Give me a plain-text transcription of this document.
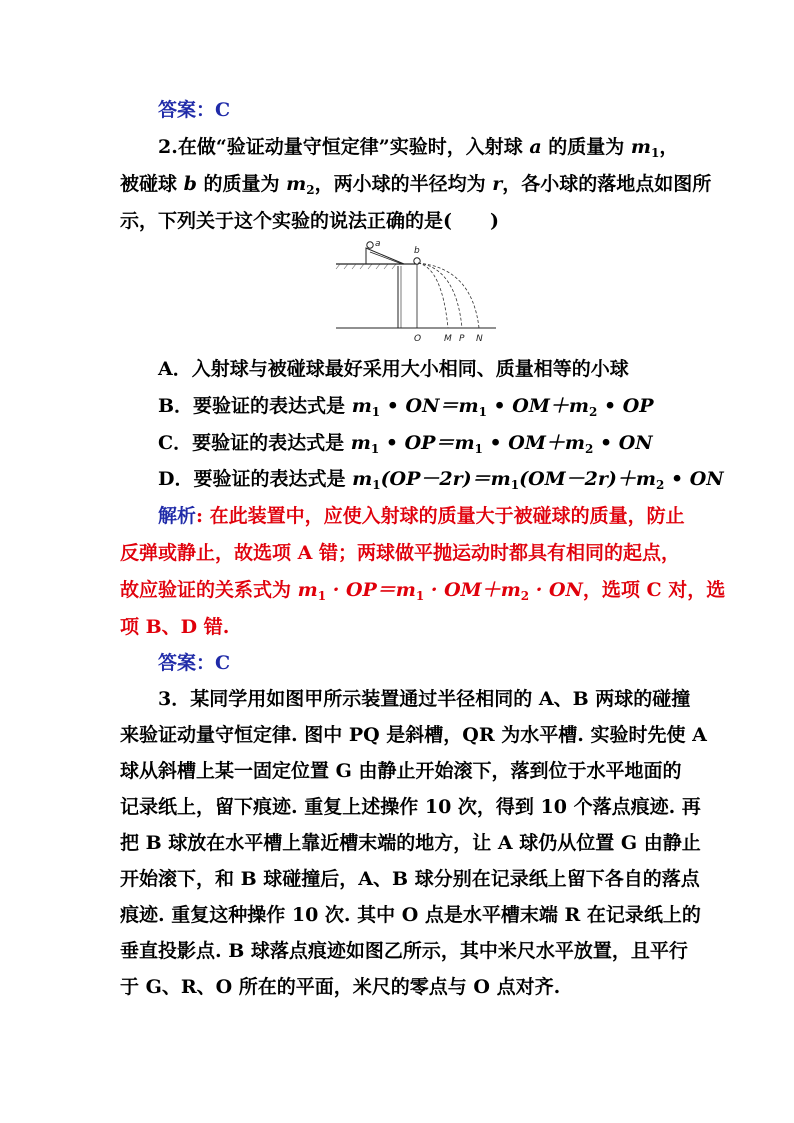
答案：C
2.在做“验证动量守恒定律”实验时，入射球 a 的质量为 $m_1$，
被碰球 b 的质量为 $m_2$，两小球的半径均为 r，各小球的落地点如图所
示，下列关于这个实验的说法正确的是(　　)
a
b
O	M P N
A．入射球与被碰球最好采用大小相同、质量相等的小球
B．要验证的表达式是 $m_1$ • $ON=m_1$ • $OM+m_2$ • OP
C．要验证的表达式是 $m_1$ • $OP=m_1$ • $OM+m_2$ • ON
D．要验证的表达式是 $m_1(OP-2r)=m_1(OM-2r)+m_2$ • ON
解析: 在此装置中，应使入射球的质量大于被碰球的质量，防止
反弹或静止，故选项 A 错；两球做平抛运动时都具有相同的起点，
故应验证的关系式为 $m_1 \cdot OP=m_1 \cdot OM+m_2$ · ON，选项 C 对，选
项 B、D 错.
答案：C
3．某同学用如图甲所示装置通过半径相同的 A、B 两球的碰撞
来验证动量守恒定律. 图中 PQ 是斜槽，QR 为水平槽. 实验时先使 A
球从斜槽上某一固定位置 G 由静止开始滚下，落到位于水平地面的
记录纸上，留下痕迹. 重复上述操作 10 次，得到 10 个落点痕迹. 再
把 B 球放在水平槽上靠近槽末端的地方，让 A 球仍从位置 G 由静止
开始滚下，和 B 球碰撞后，A、B 球分别在记录纸上留下各自的落点
痕迹. 重复这种操作 10 次. 其中 O 点是水平槽末端 R 在记录纸上的
垂直投影点. B 球落点痕迹如图乙所示，其中米尺水平放置，且平行
于 G、R、O 所在的平面，米尺的零点与 O 点对齐.
